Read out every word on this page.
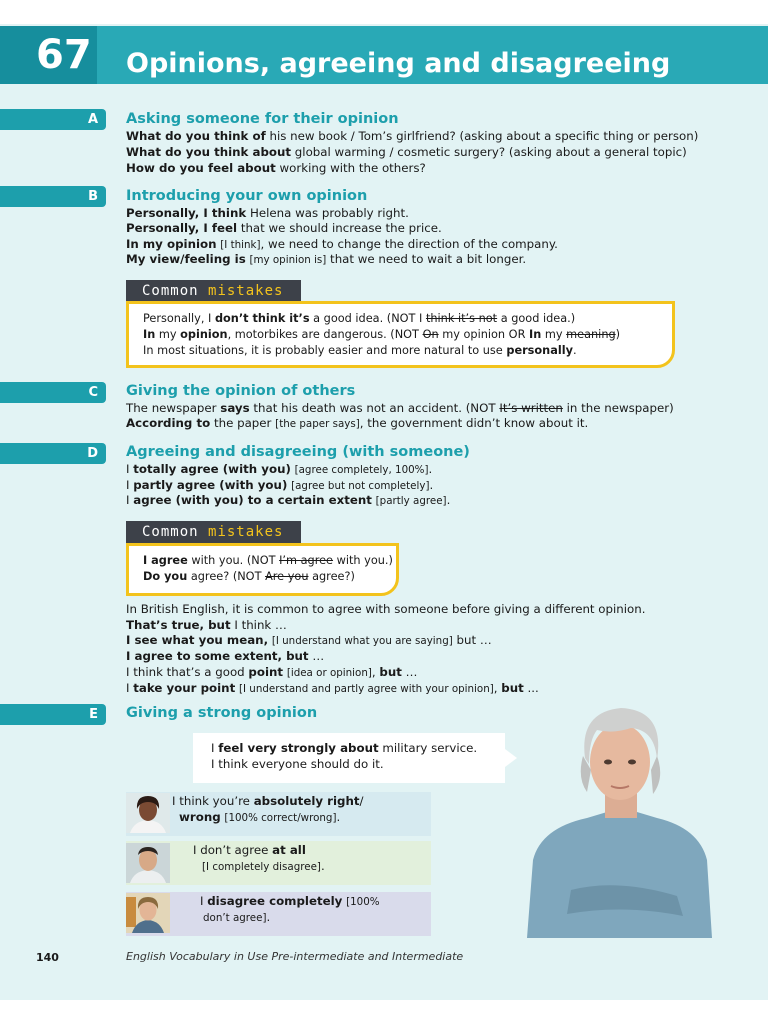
67 Opinions, agreeing and disagreeing
A	Asking someone for their opinion
What do you think of his new book / Tom’s girlfriend? (asking about a specific thing or person)
What do you think about global warming / cosmetic surgery? (asking about a general topic)
How do you feel about working with the others?
B	Introducing your own opinion
Personally, I think Helena was probably right.
Personally, I feel that we should increase the price.
In my opinion [I think], we need to change the direction of the company.
My view/feeling is [my opinion is] that we need to wait a bit longer.
Common mistakes
Personally, I don’t think it’s a good idea. (NOT I think it’s not a good idea.)
In my opinion, motorbikes are dangerous. (NOT On my opinion OR In my meaning)
In most situations, it is probably easier and more natural to use personally.
C	Giving the opinion of others
The newspaper says that his death was not an accident. (NOT It’s written in the newspaper)
According to the paper [the paper says], the government didn’t know about it.
D	Agreeing and disagreeing (with someone)
I totally agree (with you) [agree completely, 100%].
I partly agree (with you) [agree but not completely].
I agree (with you) to a certain extent [partly agree].
Common mistakes
I agree with you. (NOT I’m agree with you.)
Do you agree? (NOT Are you agree?)
In British English, it is common to agree with someone before giving a different opinion.
That’s true, but I think …
I see what you mean, [I understand what you are saying] but …
I agree to some extent, but …
I think that’s a good point [idea or opinion], but …
I take your point [I understand and partly agree with your opinion], but ...
E	Giving a strong opinion
I feel very strongly about military service.
I think everyone should do it.
I think you’re absolutely right/
wrong [100% correct/wrong].
I don’t agree at all
[I completely disagree].
I disagree completely [100%
don’t agree].
140	English Vocabulary in Use Pre-intermediate and Intermediate
